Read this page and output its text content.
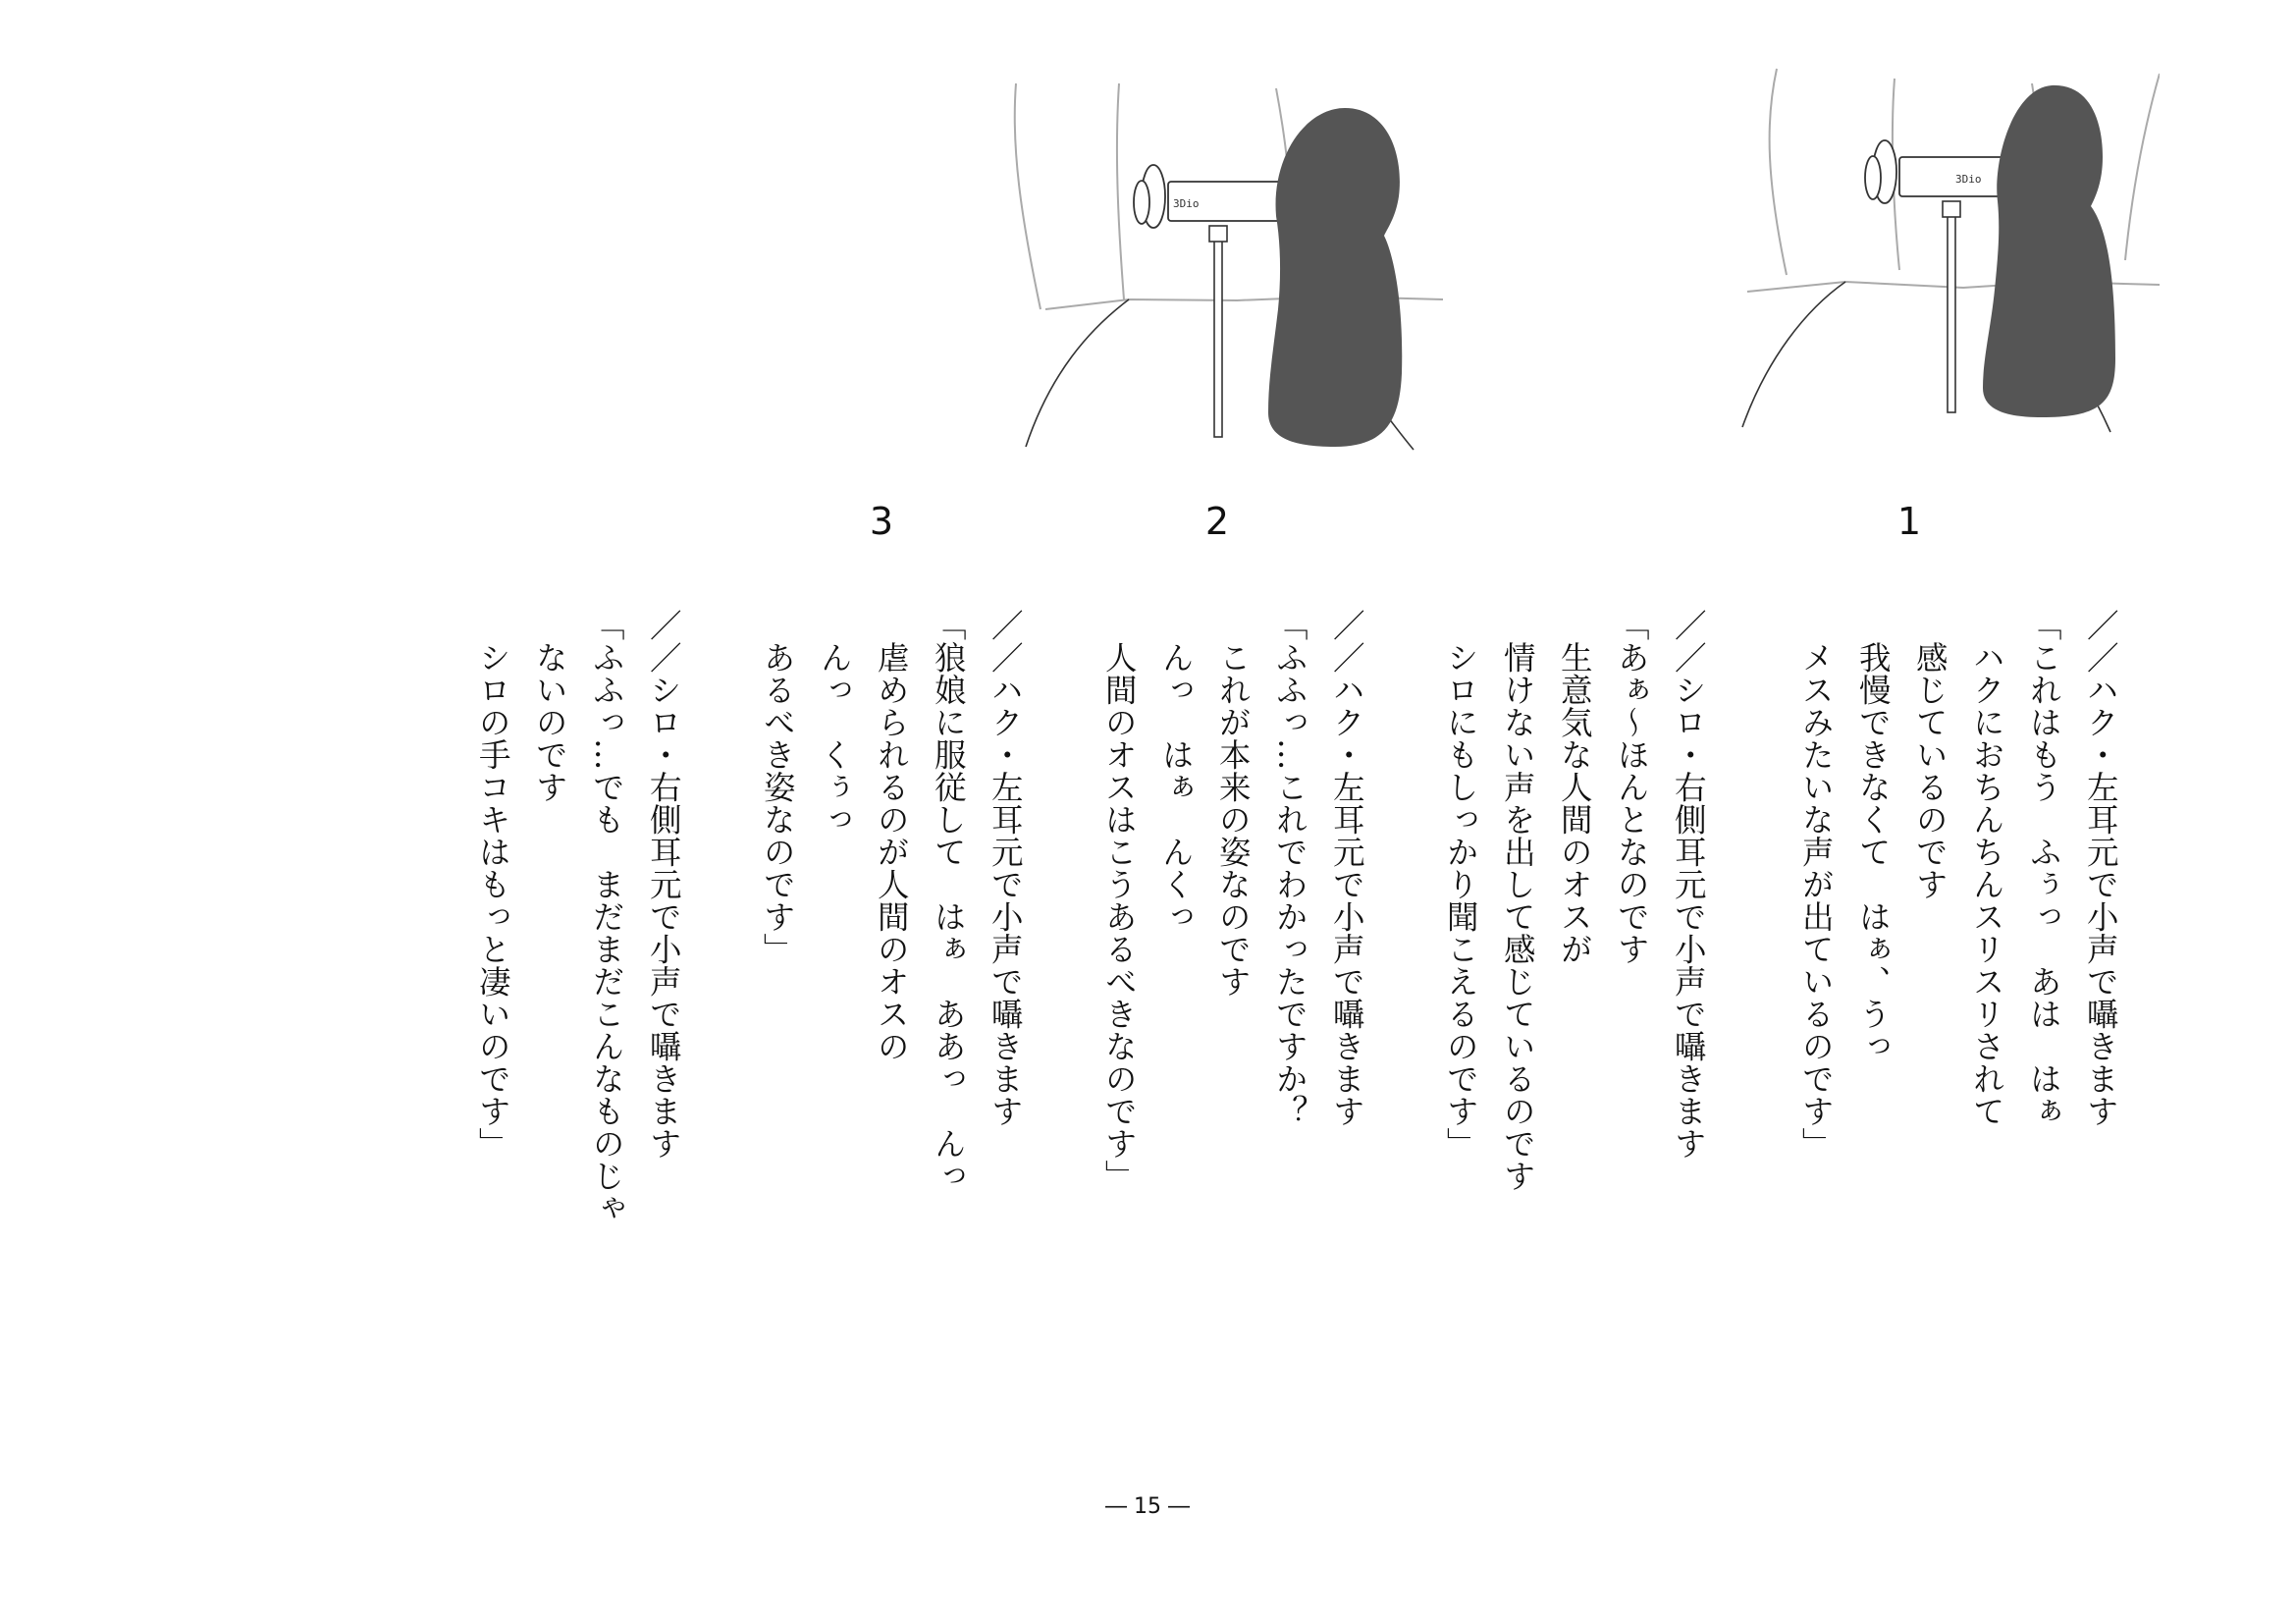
3Dio
3Dio
1
2
3
／／ハク・左耳元で小声で囁きます
「これはもう　ふぅっ　あは　はぁ
　ハクにおちんちんスリスリされて
　感じているのです
　我慢できなくて　はぁ、うっ
　メスみたいな声が出ているのです」
／／シロ・右側耳元で小声で囁きます
「あぁ～ほんとなのです
　生意気な人間のオスが
　情けない声を出して感じているのです
　シロにもしっかり聞こえるのです」
／／ハク・左耳元で小声で囁きます
「ふふっ…これでわかったですか？
　これが本来の姿なのです
　んっ　はぁ　んくっ
　人間のオスはこうあるべきなのです」
／／ハク・左耳元で小声で囁きます
「狼娘に服従して　はぁ　ああっ　んっ
　虐められるのが人間のオスの
　んっ　くぅっ
　あるべき姿なのです」
／／シロ・右側耳元で小声で囁きます
「ふふっ…でも　まだまだこんなものじゃ
　ないのです
　シロの手コキはもっと凄いのです」
― 15 ―
